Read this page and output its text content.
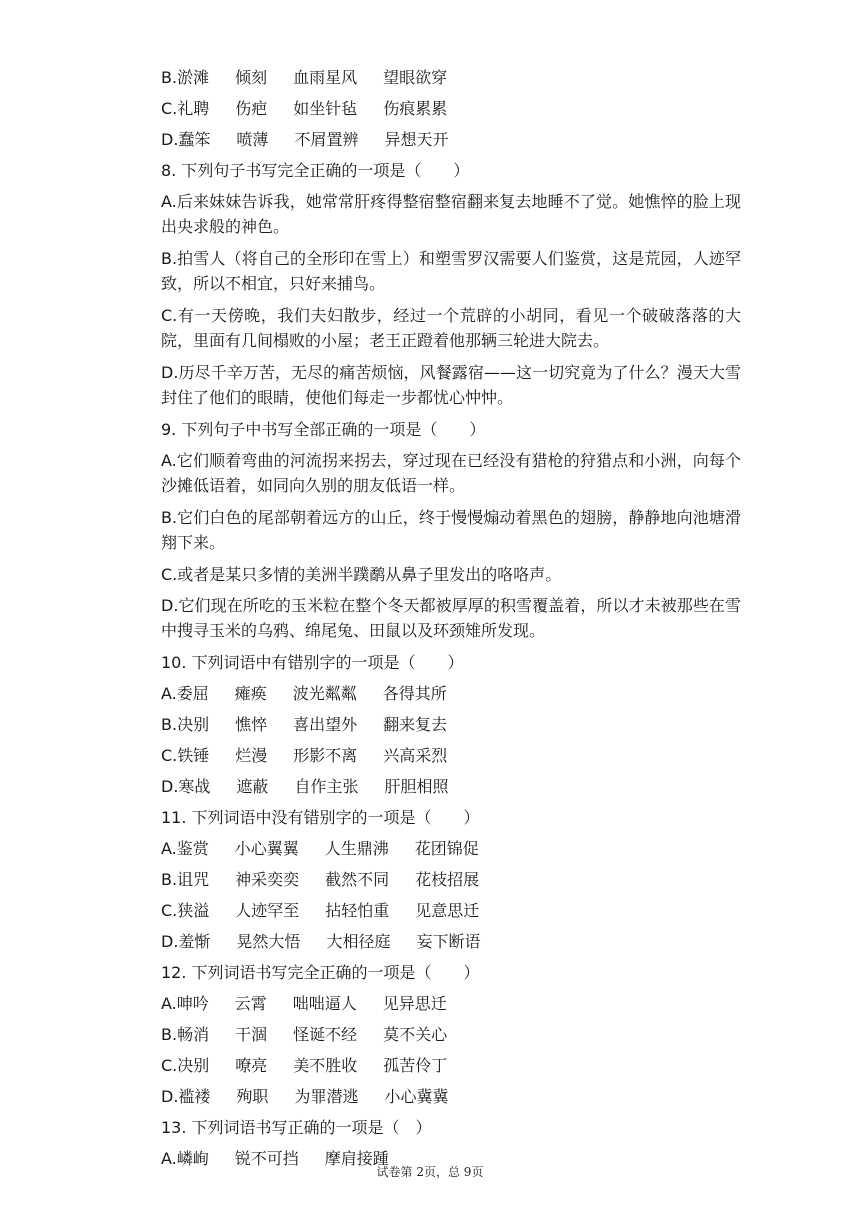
B.淤滩 倾刻 血雨星风 望眼欲穿
C.礼聘 伤疤 如坐针毡 伤痕累累
D.蠢笨 喷薄 不屑置辨 异想天开
8. 下列句子书写完全正确的一项是（　　）
A.后来妹妹告诉我，她常常肝疼得整宿整宿翻来复去地睡不了觉。她憔悴的脸上现出央求般的神色。
B.拍雪人（将自己的全形印在雪上）和塑雪罗汉需要人们鉴赏，这是荒园，人迹罕致，所以不相宜，只好来捕鸟。
C.有一天傍晚，我们夫妇散步，经过一个荒辟的小胡同，看见一个破破落落的大院，里面有几间榻败的小屋；老王正蹬着他那辆三轮进大院去。
D.历尽千辛万苦，无尽的痛苦烦恼，风餐露宿——这一切究竟为了什么？漫天大雪封住了他们的眼睛，使他们每走一步都忧心忡忡。
9. 下列句子中书写全部正确的一项是（　　）
A.它们顺着弯曲的河流拐来拐去，穿过现在已经没有猎枪的狩猎点和小洲，向每个沙摊低语着，如同向久别的朋友低语一样。
B.它们白色的尾部朝着远方的山丘，终于慢慢煽动着黑色的翅膀，静静地向池塘滑翔下来。
C.或者是某只多情的美洲半蹼鹬从鼻子里发出的咯咯声。
D.它们现在所吃的玉米粒在整个冬天都被厚厚的积雪覆盖着，所以才未被那些在雪中搜寻玉米的乌鸦、绵尾兔、田鼠以及环颈雉所发现。
10. 下列词语中有错别字的一项是（　　）
A.委屈 瘫痪 波光粼粼 各得其所
B.决别 憔悴 喜出望外 翻来复去
C.铁锤 烂漫 形影不离 兴高采烈
D.寒战 遮蔽 自作主张 肝胆相照
11. 下列词语中没有错别字的一项是（　　）
A.鉴赏 小心翼翼 人生鼎沸 花团锦促
B.诅咒 神采奕奕 截然不同 花枝招展
C.狭溢 人迹罕至 拈轻怕重 见意思迁
D.羞惭 晃然大悟 大相径庭 妄下断语
12. 下列词语书写完全正确的一项是（　　）
A.呻吟 云霄 咄咄逼人 见异思迁
B.畅消 干涸 怪诞不经 莫不关心
C.决别 嘹亮 美不胜收 孤苦伶丁
D.褴褛 殉职 为罪潜逃 小心冀冀
13. 下列词语书写正确的一项是（　）
A.嶙峋 锐不可挡 摩肩接踵
试卷第 2页，总 9页
